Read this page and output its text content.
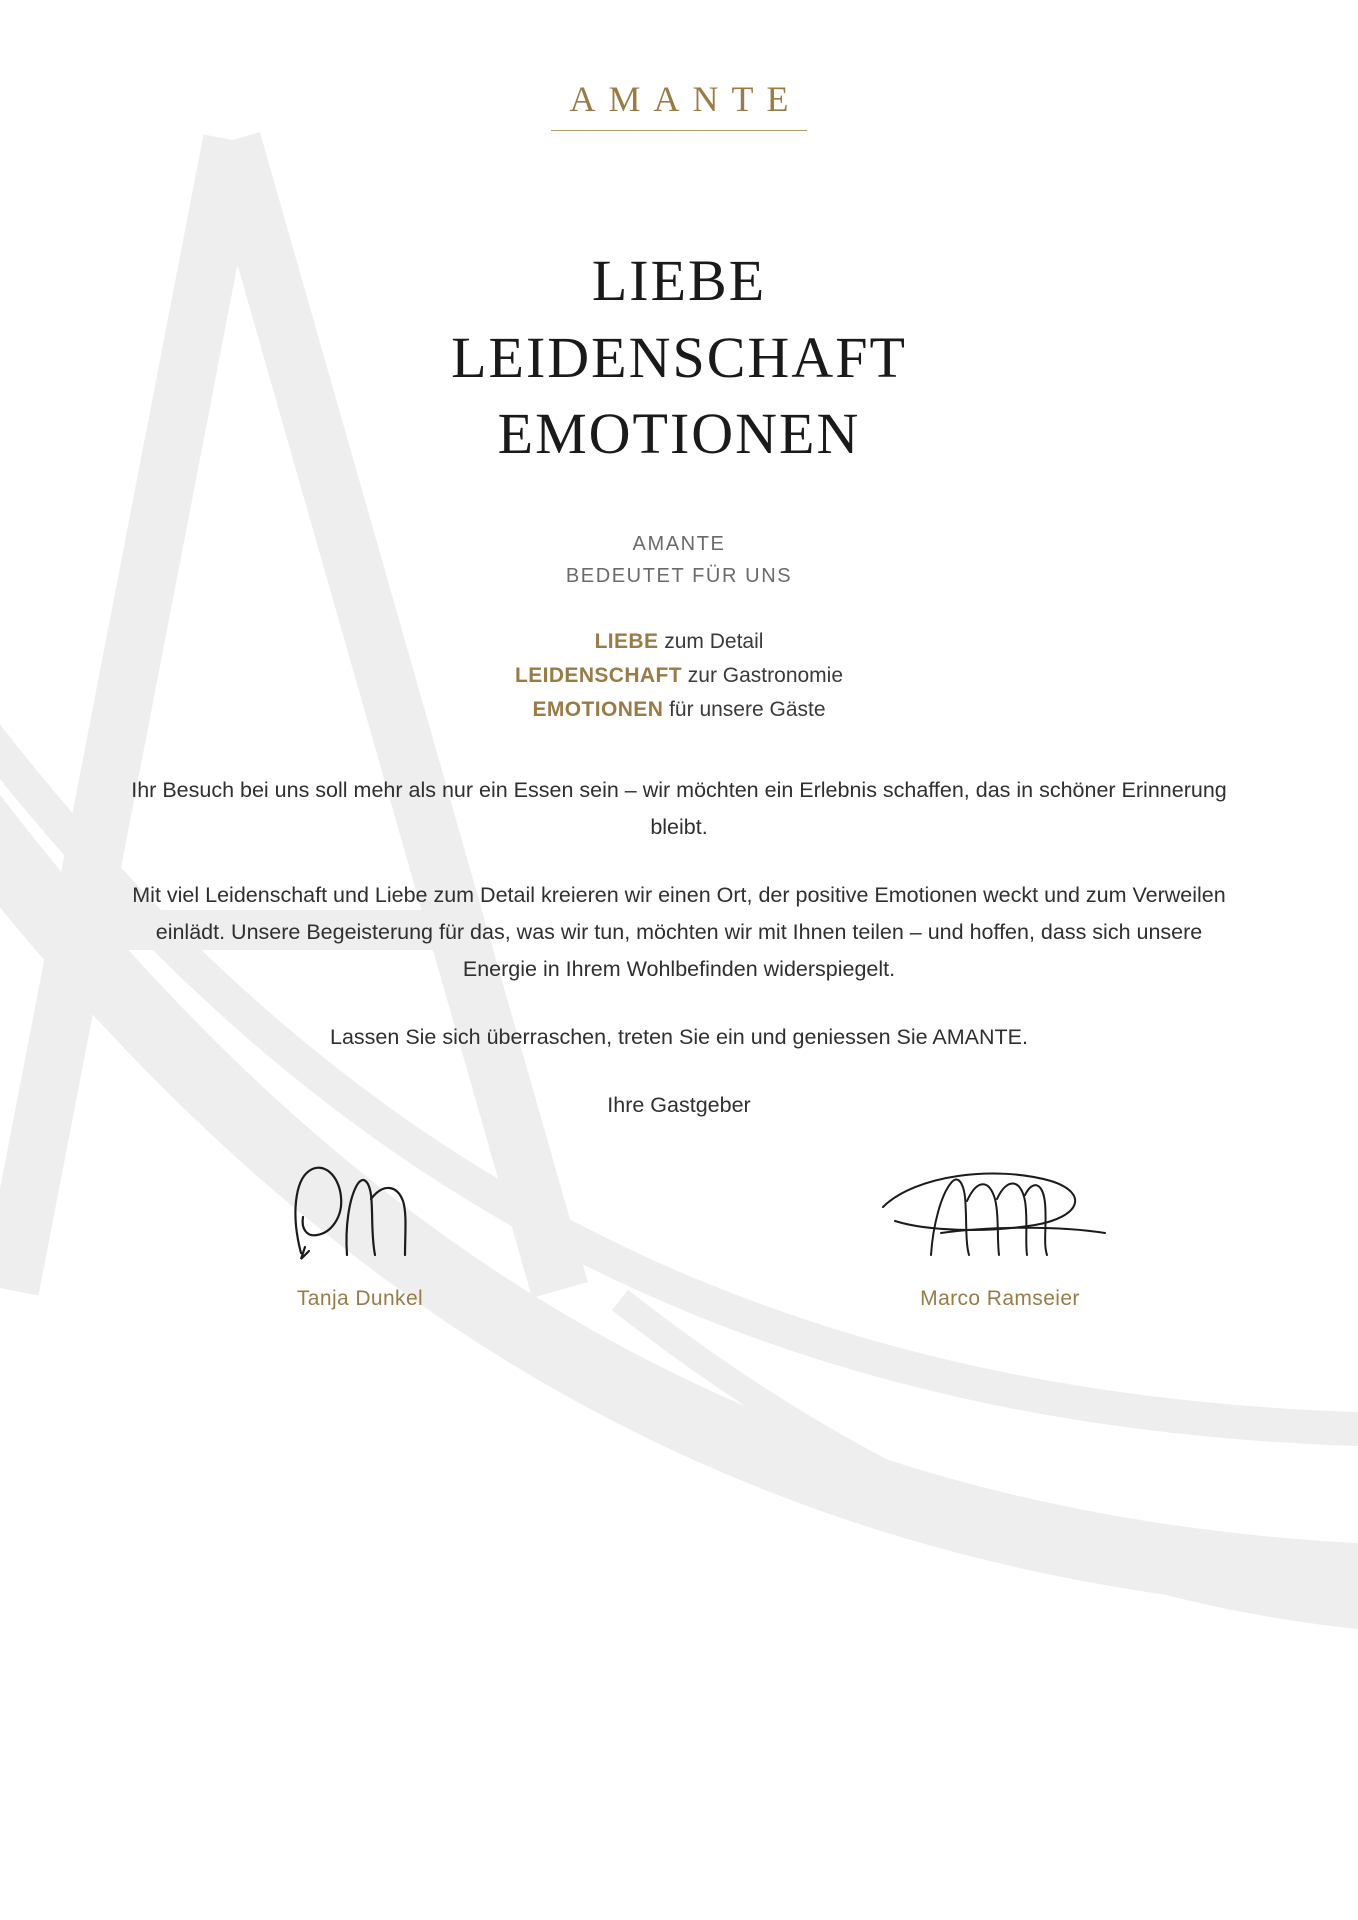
AMANTE
LIEBE
LEIDENSCHAFT
EMOTIONEN
AMANTE
BEDEUTET FÜR UNS
LIEBE zum Detail
LEIDENSCHAFT zur Gastronomie
EMOTIONEN für unsere Gäste

Ihr Besuch bei uns soll mehr als nur ein Essen sein – wir möchten ein Erlebnis schaffen, das in schöner Erinnerung bleibt.

Mit viel Leidenschaft und Liebe zum Detail kreieren wir einen Ort, der positive Emotionen weckt und zum Verweilen einlädt. Unsere Begeisterung für das, was wir tun, möchten wir mit Ihnen teilen – und hoffen, dass sich unsere Energie in Ihrem Wohlbefinden widerspiegelt.

Lassen Sie sich überraschen, treten Sie ein und geniessen Sie AMANTE.

Ihre Gastgeber

Tanja Dunkel	Marco Ramseier
